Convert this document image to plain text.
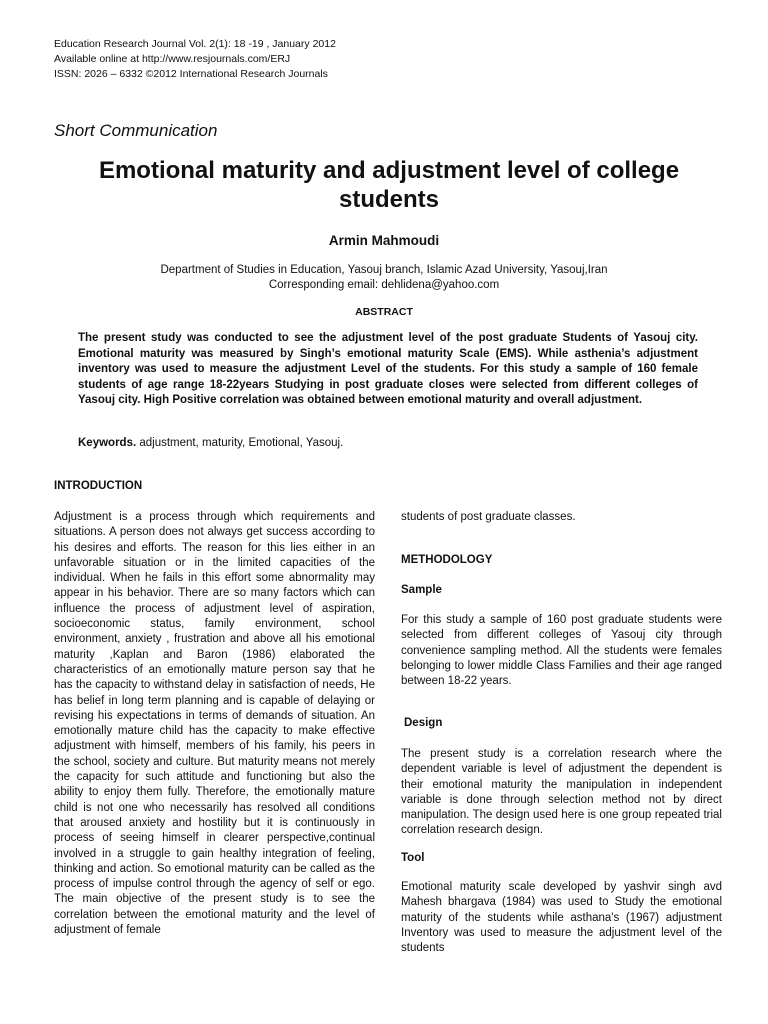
Education Research Journal Vol. 2(1): 18 -19 , January 2012
Available online at http://www.resjournals.com/ERJ
ISSN: 2026 – 6332 ©2012 International Research Journals
Short Communication
Emotional maturity and adjustment level of college students
Armin Mahmoudi
Department of Studies in Education, Yasouj branch, Islamic Azad University, Yasouj,Iran
Corresponding email: dehlidena@yahoo.com
ABSTRACT
The present study was conducted to see the adjustment level of the post graduate Students of Yasouj city. Emotional maturity was measured by Singh’s emotional maturity Scale (EMS). While asthenia’s adjustment inventory was used to measure the adjustment Level of the students. For this study a sample of 160 female students of age range 18-22years Studying in post graduate closes were selected from different colleges of Yasouj city. High Positive correlation was obtained between emotional maturity and overall adjustment.
Keywords. adjustment, maturity, Emotional, Yasouj.
INTRODUCTION
Adjustment is a process through which requirements and situations. A person does not always get success according to his desires and efforts. The reason for this lies either in an unfavorable situation or in the limited capacities of the individual. When he fails in this effort some abnormality may appear in his behavior. There are so many factors which can influence the process of adjustment level of aspiration, socioeconomic status, family environment, school environment, anxiety , frustration and above all his emotional maturity ,Kaplan and Baron (1986) elaborated the characteristics of an emotionally mature person say that he has the capacity to withstand delay in satisfaction of needs, He has belief in long term planning and is capable of delaying or revising his expectations in terms of demands of situation. An emotionally mature child has the capacity to make effective adjustment with himself, members of his family, his peers in the school, society and culture. But maturity means not merely the capacity for such attitude and functioning but also the ability to enjoy them fully. Therefore, the emotionally mature child is not one who necessarily has resolved all conditions that aroused anxiety and hostility but it is continuously in process of seeing himself in clearer perspective,continual involved in a struggle to gain healthy integration of feeling, thinking and action. So emotional maturity can be called as the process of impulse control through the agency of self or ego. The main objective of the present study is to see the correlation between the emotional maturity and the level of adjustment of female
students of post graduate classes.
METHODOLOGY
Sample
For this study a sample of 160 post graduate students were selected from different colleges of Yasouj city through convenience sampling method. All the students were females belonging to lower middle Class Families and their age ranged between 18-22 years.
Design
The present study is a correlation research where the dependent variable is level of adjustment the dependent is their emotional maturity the manipulation in independent variable is done through selection method not by direct manipulation. The design used here is one group repeated trial correlation research design.
Tool
Emotional maturity scale developed by yashvir singh avd Mahesh bhargava (1984) was used to Study the emotional maturity of the students while asthana's (1967) adjustment Inventory was used to measure the adjustment level of the students
